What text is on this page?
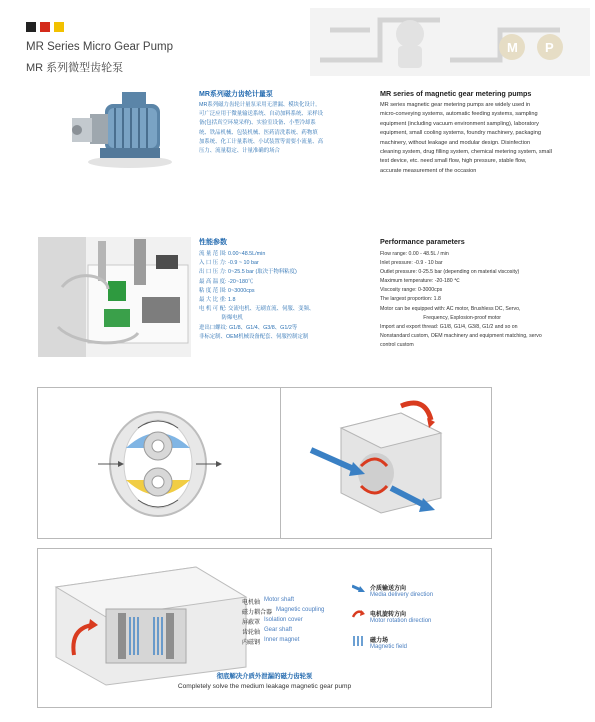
MR Series Micro Gear Pump
MR 系列微型齿轮泵
M P
MR系列磁力齿轮计量泵
MR系列磁力齿轮计量泵采用无泄漏、模块化设计,
可广泛应用于微量输送系统、自动加料系统、采样设
备(包括真空环境采样)、实验室设备、小型冷却系
统、铁品机械、包装机械、医药清洗系统、药物填
加系统、化工计量系统、小试装置等需要小流量、高
压力、流量稳定、计量准确的场合
MR series of magnetic gear metering pumps
MR series magnetic gear metering pumps are widely used in
micro-conveying systems, automatic feeding systems, sampling
equipment (including vacuum environment sampling), laboratory
equipment, small cooling systems, foundry machinery, packaging
machinery, without leakage and modular design. Disinfection
cleaning system, drug filling system, chemical metering system, small
test device, etc. need small flow, high pressure, stable flow,
accurate measurement of the occasion
性能参数
流 量 范 围: 0.00~48.5L/min
入 口 压 力: -0.9 ~ 10 bar
出 口 压 力: 0~25.5 bar (取决于物料粘度)
最 高 温 度: -20~180℃
粘 度 范 围: 0~3000cps
最 大 比 重: 1.8
电 机 可 配: 交流电机、无刷直流、伺服、变频、
防爆电机
进出口螺纹: G1/8、G1/4、G3/8、G1/2等
非标定制、OEM机械设备配套、伺服控制定制
Performance parameters
Flow range: 0.00 - 48.5L / min
Inlet pressure: -0.9 - 10 bar
Outlet pressure: 0-25.5 bar (depending on material viscosity)
Maximum temperature: -20-180 ℃
Viscosity range: 0-3000cps
The largest proportion: 1.8
Motor can be equipped with: AC motor, Brushless DC, Servo,
Frequency, Explosion-proof motor
Import and export thread: G1/8, G1/4, G3/8, G1/2 and so on
Nonstandard custom, OEM machinery and equipment matching, servo
control custom
电机轴 Motor shaft
磁力耦合器 Magnetic coupling
屏蔽罩 Isolation cover
齿轮轴 Gear shaft
内磁钢 Inner magnet
介质输送方向
Media delivery direction
电机旋转方向
Motor rotation direction
磁力场
Magnetic field
彻底解决介质外泄漏的磁力齿轮泵
Completely solve the medium leakage magnetic gear pump
